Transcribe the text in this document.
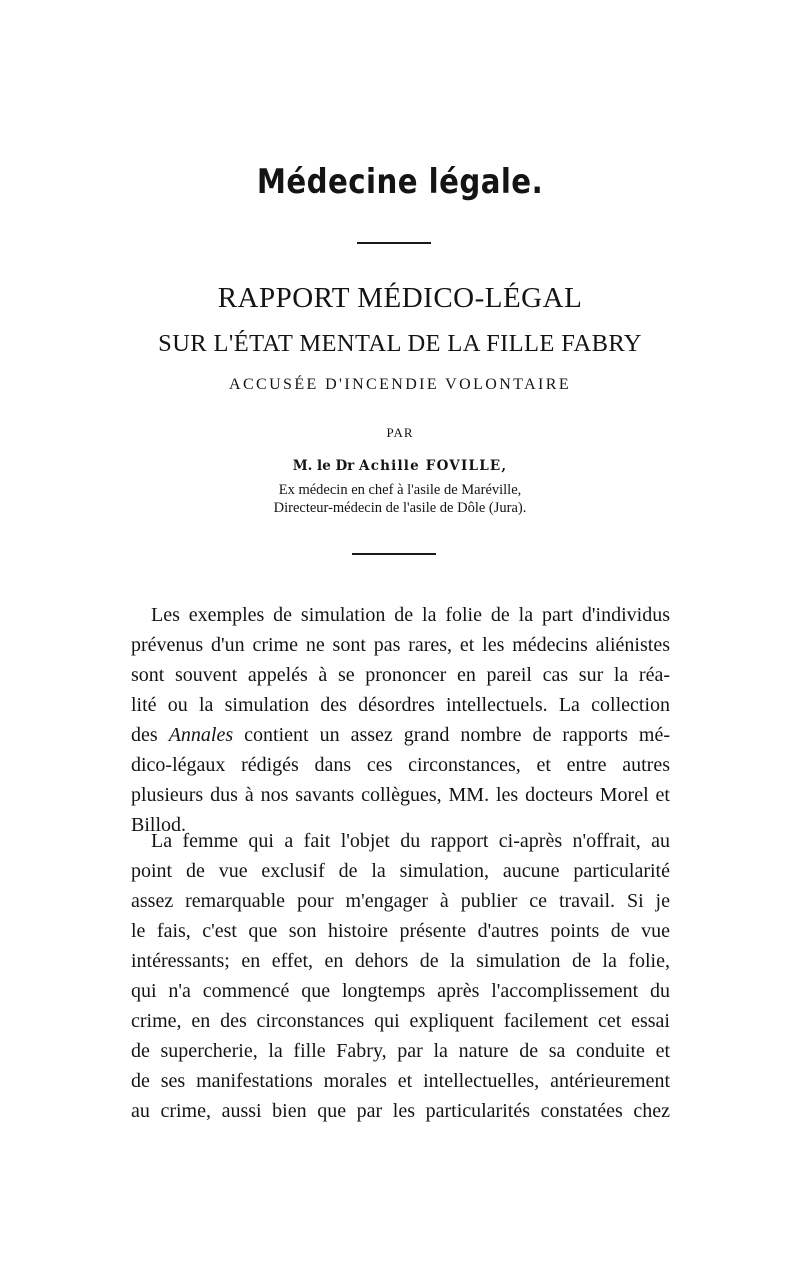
Médecine légale.
RAPPORT MÉDICO-LÉGAL
SUR L'ÉTAT MENTAL DE LA FILLE FABRY
ACCUSÉE D'INCENDIE VOLONTAIRE
PAR
M. le Dr Achille FOVILLE,
Ex médecin en chef à l'asile de Maréville,
Directeur-médecin de l'asile de Dôle (Jura).
Les exemples de simulation de la folie de la part d'individus
prévenus d'un crime ne sont pas rares, et les médecins aliénistes
sont souvent appelés à se prononcer en pareil cas sur la réa-
lité ou la simulation des désordres intellectuels. La collection
des Annales contient un assez grand nombre de rapports mé-
dico-légaux rédigés dans ces circonstances, et entre autres
plusieurs dus à nos savants collègues, MM. les docteurs Morel et
Billod.
La femme qui a fait l'objet du rapport ci-après n'offrait, au
point de vue exclusif de la simulation, aucune particularité
assez remarquable pour m'engager à publier ce travail. Si je
le fais, c'est que son histoire présente d'autres points de vue
intéressants; en effet, en dehors de la simulation de la folie,
qui n'a commencé que longtemps après l'accomplissement du
crime, en des circonstances qui expliquent facilement cet essai
de supercherie, la fille Fabry, par la nature de sa conduite et
de ses manifestations morales et intellectuelles, antérieurement
au crime, aussi bien que par les particularités constatées chez
